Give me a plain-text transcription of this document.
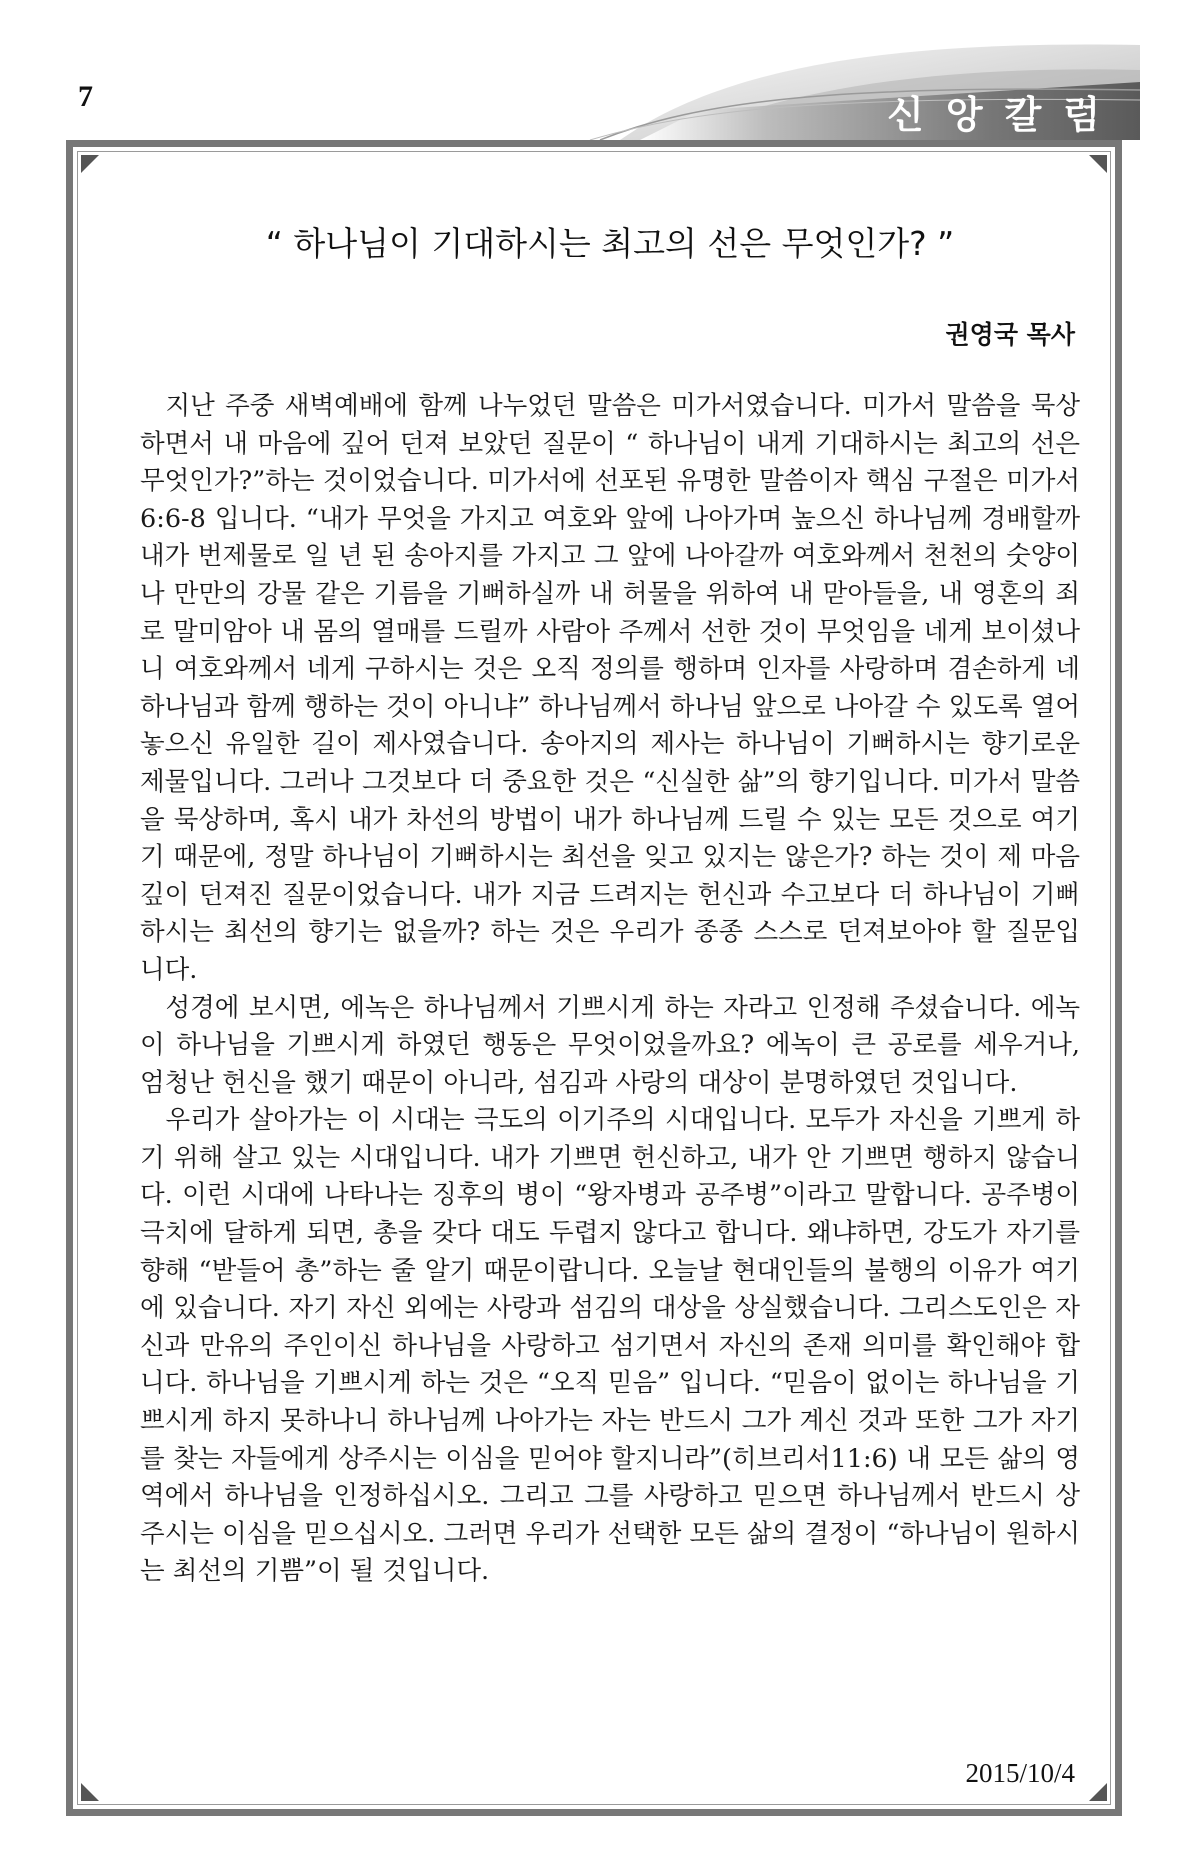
7	신앙칼럼
“ 하나님이 기대하시는 최고의 선은 무엇인가? ”
권영국 목사

지난 주중 새벽예배에 함께 나누었던 말씀은 미가서였습니다. 미가서 말씀을 묵상하면서 내 마음에 깊어 던져 보았던 질문이 “ 하나님이 내게 기대하시는 최고의 선은 무엇인가?”하는 것이었습니다. 미가서에 선포된 유명한 말씀이자 핵심 구절은 미가서 6:6-8 입니다. “내가 무엇을 가지고 여호와 앞에 나아가며 높으신 하나님께 경배할까 내가 번제물로 일 년 된 송아지를 가지고 그 앞에 나아갈까 여호와께서 천천의 숫양이나 만만의 강물 같은 기름을 기뻐하실까 내 허물을 위하여 내 맏아들을, 내 영혼의 죄로 말미암아 내 몸의 열매를 드릴까 사람아 주께서 선한 것이 무엇임을 네게 보이셨나니 여호와께서 네게 구하시는 것은 오직 정의를 행하며 인자를 사랑하며 겸손하게 네 하나님과 함께 행하는 것이 아니냐” 하나님께서 하나님 앞으로 나아갈 수 있도록 열어놓으신 유일한 길이 제사였습니다. 송아지의 제사는 하나님이 기뻐하시는 향기로운 제물입니다. 그러나 그것보다 더 중요한 것은 “신실한 삶”의 향기입니다. 미가서 말씀을 묵상하며, 혹시 내가 차선의 방법이 내가 하나님께 드릴 수 있는 모든 것으로 여기기 때문에, 정말 하나님이 기뻐하시는 최선을 잊고 있지는 않은가? 하는 것이 제 마음 깊이 던져진 질문이었습니다. 내가 지금 드려지는 헌신과 수고보다 더 하나님이 기뻐하시는 최선의 향기는 없을까? 하는 것은 우리가 종종 스스로 던져보아야 할 질문입니다.

성경에 보시면, 에녹은 하나님께서 기쁘시게 하는 자라고 인정해 주셨습니다. 에녹이 하나님을 기쁘시게 하였던 행동은 무엇이었을까요? 에녹이 큰 공로를 세우거나, 엄청난 헌신을 했기 때문이 아니라, 섬김과 사랑의 대상이 분명하였던 것입니다.

우리가 살아가는 이 시대는 극도의 이기주의 시대입니다. 모두가 자신을 기쁘게 하기 위해 살고 있는 시대입니다. 내가 기쁘면 헌신하고, 내가 안 기쁘면 행하지 않습니다. 이런 시대에 나타나는 징후의 병이 “왕자병과 공주병”이라고 말합니다. 공주병이 극치에 달하게 되면, 총을 갖다 대도 두렵지 않다고 합니다. 왜냐하면, 강도가 자기를 향해 “받들어 총”하는 줄 알기 때문이랍니다. 오늘날 현대인들의 불행의 이유가 여기에 있습니다. 자기 자신 외에는 사랑과 섬김의 대상을 상실했습니다. 그리스도인은 자신과 만유의 주인이신 하나님을 사랑하고 섬기면서 자신의 존재 의미를 확인해야 합니다. 하나님을 기쁘시게 하는 것은 “오직 믿음” 입니다. “믿음이 없이는 하나님을 기쁘시게 하지 못하나니 하나님께 나아가는 자는 반드시 그가 계신 것과 또한 그가 자기를 찾는 자들에게 상주시는 이심을 믿어야 할지니라”(히브리서11:6) 내 모든 삶의 영역에서 하나님을 인정하십시오. 그리고 그를 사랑하고 믿으면 하나님께서 반드시 상주시는 이심을 믿으십시오. 그러면 우리가 선택한 모든 삶의 결정이 “하나님이 원하시는 최선의 기쁨”이 될 것입니다.

2015/10/4
